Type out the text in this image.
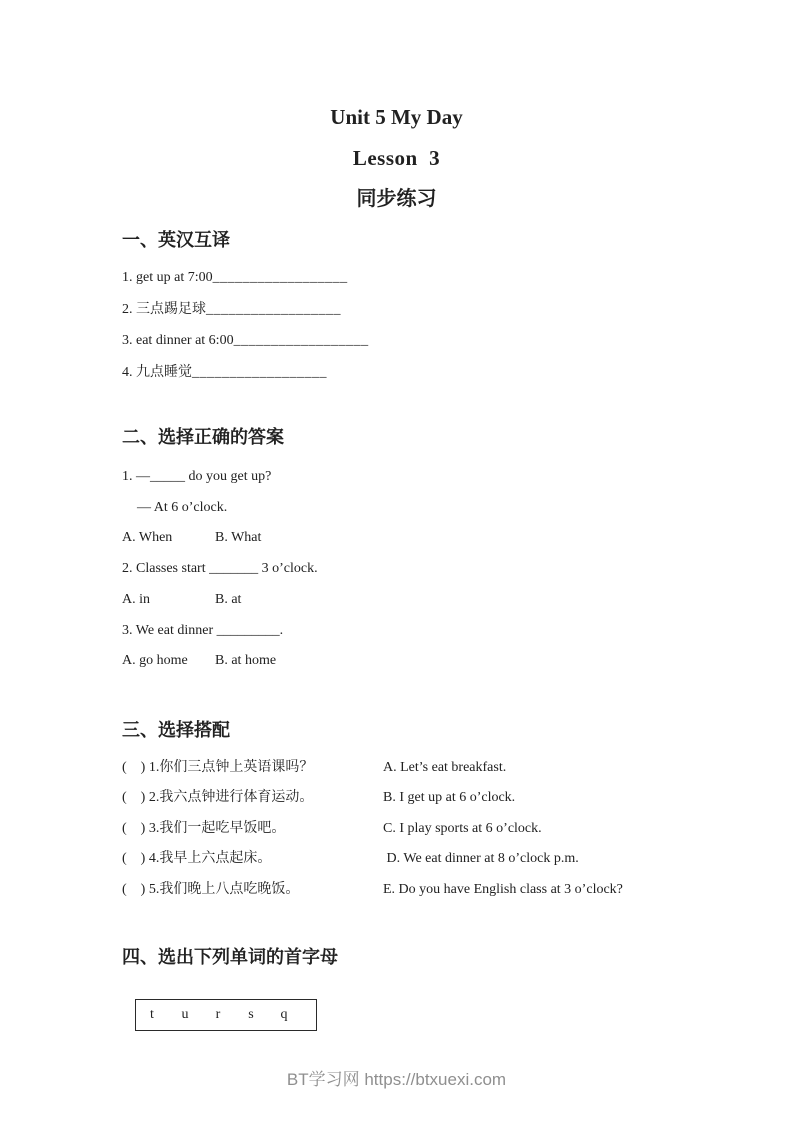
Unit 5 My Day
Lesson  3
同步练习
一、英汉互译
1. get up at 7:00__________________
2. 三点踢足球__________________
3. eat dinner at 6:00__________________
4. 九点睡觉__________________
二、选择正确的答案
1. —_____ do you get up?
— At 6 o’clock.
A. When	B. What
2. Classes start _______ 3 o’clock.
A. in	B. at
3. We eat dinner _________.
A. go home B. at home
三、选择搭配
(　) 1.你们三点钟上英语课吗？	A. Let’s eat breakfast.
(　) 2.我六点钟进行体育运动。	B. I get up at 6 o’clock.
(　) 3.我们一起吃早饭吧。	C. I play sports at 6 o’clock.
(　) 4.我早上六点起床。	D. We eat dinner at 8 o’clock p.m.
(　) 5.我们晚上八点吃晚饭。	E. Do you have English class at 3 o’clock?
四、选出下列单词的首字母
t u r s q
BT学习网 https://btxuexi.com
